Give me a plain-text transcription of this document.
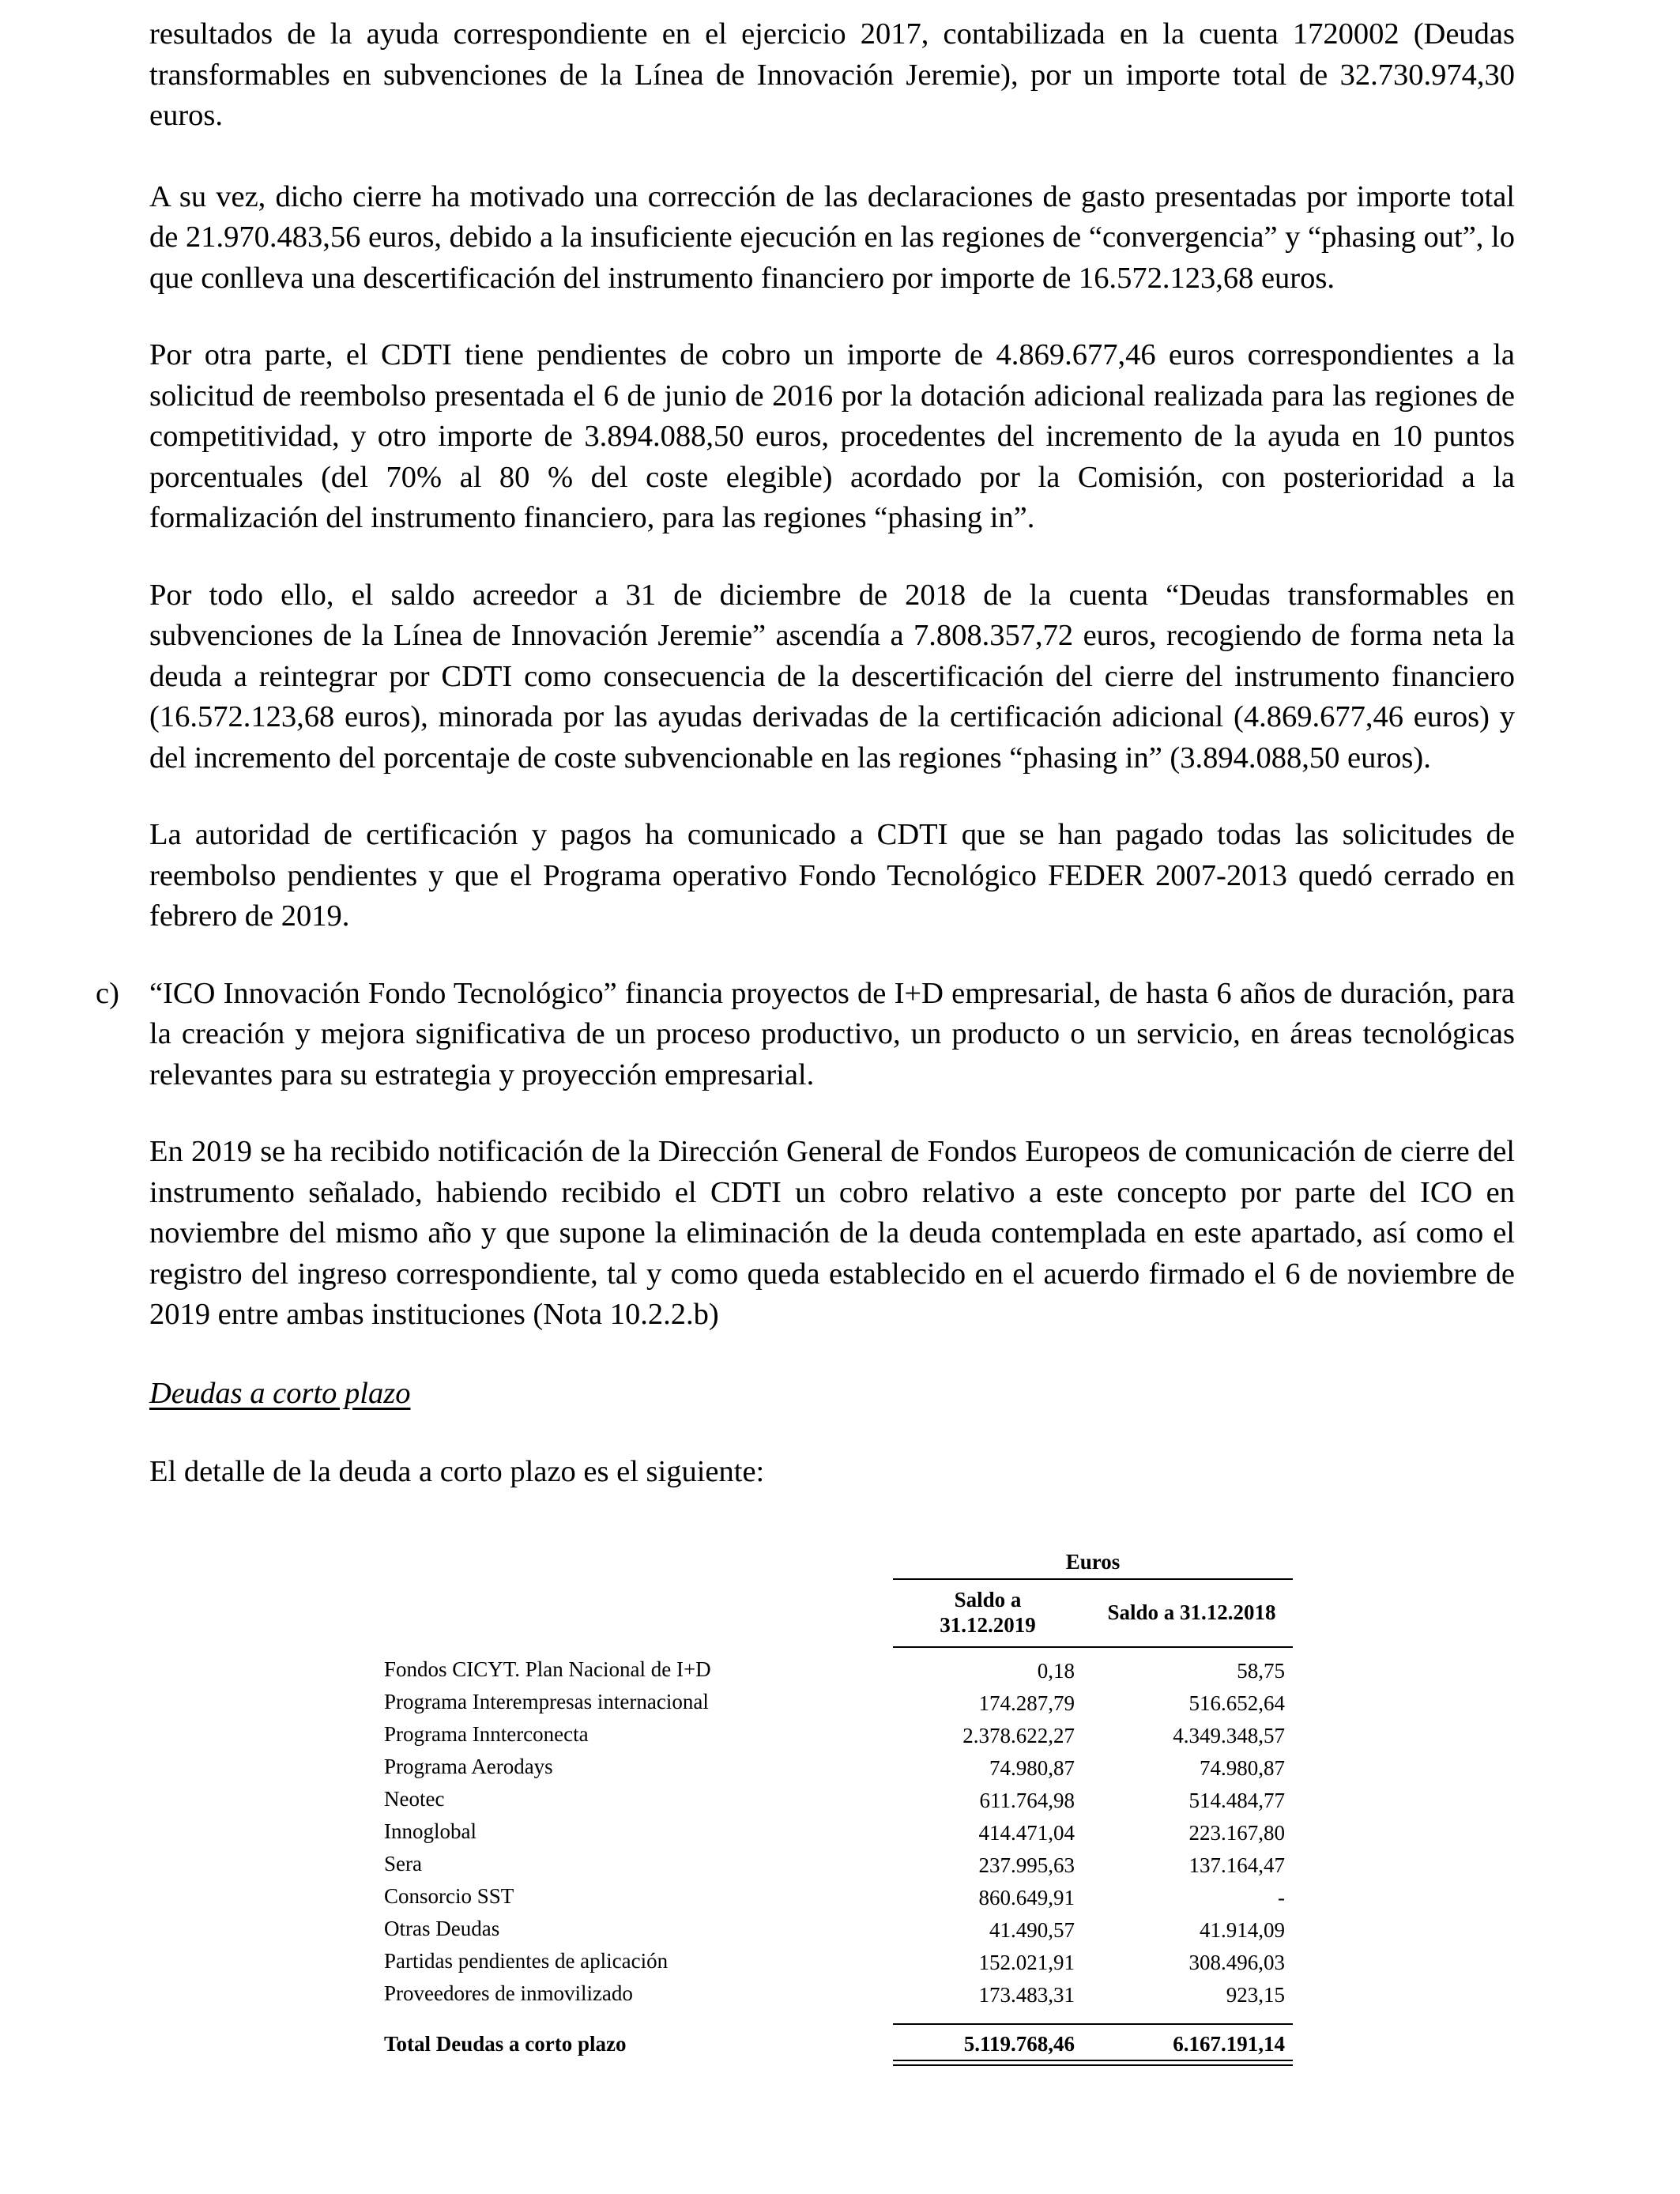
resultados de la ayuda correspondiente en el ejercicio 2017, contabilizada en la cuenta 1720002 (Deudas transformables en subvenciones de la Línea de Innovación Jeremie), por un importe total de 32.730.974,30 euros.

A su vez, dicho cierre ha motivado una corrección de las declaraciones de gasto presentadas por importe total de 21.970.483,56 euros, debido a la insuficiente ejecución en las regiones de “convergencia” y “phasing out”, lo que conlleva una descertificación del instrumento financiero por importe de 16.572.123,68 euros.

Por otra parte, el CDTI tiene pendientes de cobro un importe de 4.869.677,46 euros correspondientes a la solicitud de reembolso presentada el 6 de junio de 2016 por la dotación adicional realizada para las regiones de competitividad, y otro importe de 3.894.088,50 euros, procedentes del incremento de la ayuda en 10 puntos porcentuales (del 70% al 80 % del coste elegible) acordado por la Comisión, con posterioridad a la formalización del instrumento financiero, para las regiones “phasing in”.

Por todo ello, el saldo acreedor a 31 de diciembre de 2018 de la cuenta “Deudas transformables en subvenciones de la Línea de Innovación Jeremie” ascendía a 7.808.357,72 euros, recogiendo de forma neta la deuda a reintegrar por CDTI como consecuencia de la descertificación del cierre del instrumento financiero (16.572.123,68 euros), minorada por las ayudas derivadas de la certificación adicional (4.869.677,46 euros) y del incremento del porcentaje de coste subvencionable en las regiones “phasing in” (3.894.088,50 euros).

La autoridad de certificación y pagos ha comunicado a CDTI que se han pagado todas las solicitudes de reembolso pendientes y que el Programa operativo Fondo Tecnológico FEDER 2007-2013 quedó cerrado en febrero de 2019.

c) “ICO Innovación Fondo Tecnológico” financia proyectos de I+D empresarial, de hasta 6 años de duración, para la creación y mejora significativa de un proceso productivo, un producto o un servicio, en áreas tecnológicas relevantes para su estrategia y proyección empresarial.

En 2019 se ha recibido notificación de la Dirección General de Fondos Europeos de comunicación de cierre del instrumento señalado, habiendo recibido el CDTI un cobro relativo a este concepto por parte del ICO en noviembre del mismo año y que supone la eliminación de la deuda contemplada en este apartado, así como el registro del ingreso correspondiente, tal y como queda establecido en el acuerdo firmado el 6 de noviembre de 2019 entre ambas instituciones (Nota 10.2.2.b)

Deudas a corto plazo

El detalle de la deuda a corto plazo es el siguiente:

Euros
Saldo a
31.12.2019
Saldo a 31.12.2018
Fondos CICYT. Plan Nacional de I+D	0,18	58,75
Programa Interempresas internacional	174.287,79	516.652,64
Programa Innterconecta	2.378.622,27	4.349.348,57
Programa Aerodays	74.980,87	74.980,87
Neotec	611.764,98	514.484,77
Innoglobal	414.471,04	223.167,80
Sera	237.995,63	137.164,47
Consorcio SST	860.649,91	-
Otras Deudas	41.490,57	41.914,09
Partidas pendientes de aplicación	152.021,91	308.496,03
Proveedores de inmovilizado	173.483,31	923,15
Total Deudas a corto plazo	5.119.768,46	6.167.191,14
